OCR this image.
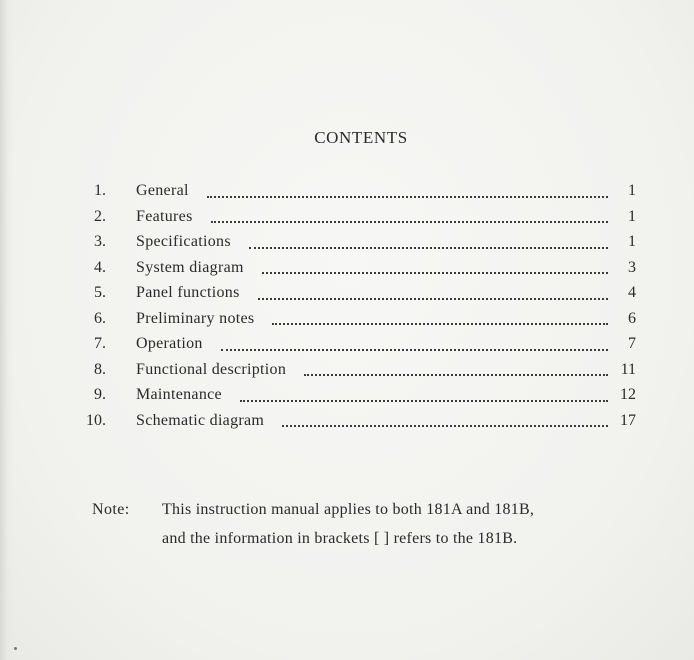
CONTENTS
1. General	1
2. Features	1
3. Specifications	1
4. System diagram	3
5. Panel functions	4
6. Preliminary notes	6
7. Operation	7
8. Functional description	11
9. Maintenance	12
10. Schematic diagram	17
Note: This instruction manual applies to both 181A and 181B,
and the information in brackets [ ] refers to the 181B.
